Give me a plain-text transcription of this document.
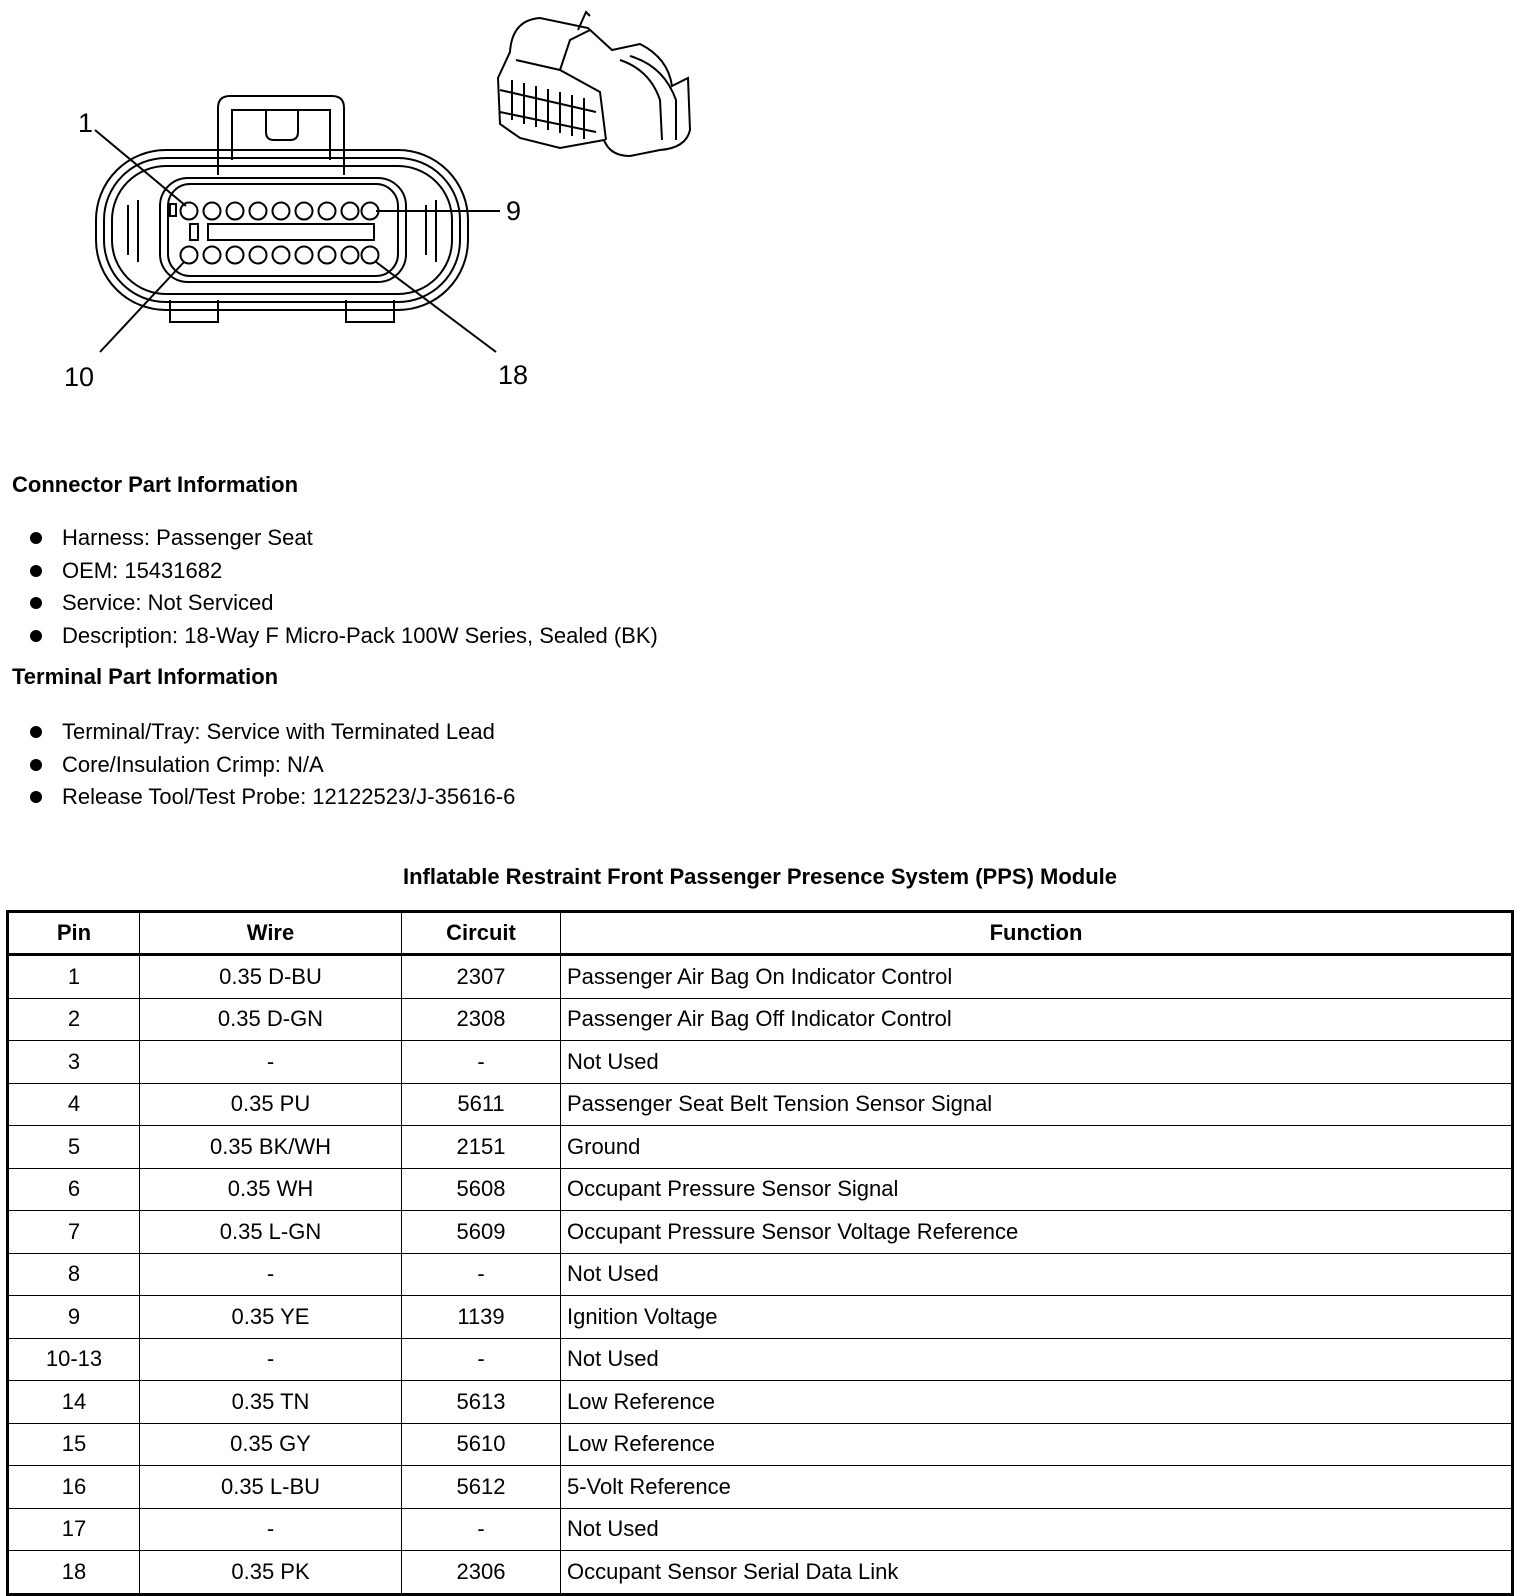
1
9
10	18
Connector Part Information
Harness: Passenger Seat
OEM: 15431682
Service: Not Serviced
Description: 18-Way F Micro-Pack 100W Series, Sealed (BK)
Terminal Part Information
Terminal/Tray: Service with Terminated Lead
Core/Insulation Crimp: N/A
Release Tool/Test Probe: 12122523/J-35616-6
Inflatable Restraint Front Passenger Presence System (PPS) Module
Pin	Wire	Circuit	Function
1	0.35 D-BU	2307	Passenger Air Bag On Indicator Control
2	0.35 D-GN	2308	Passenger Air Bag Off Indicator Control
3	-	-	Not Used
4	0.35 PU	5611	Passenger Seat Belt Tension Sensor Signal
5	0.35 BK/WH	2151	Ground
6	0.35 WH	5608	Occupant Pressure Sensor Signal
7	0.35 L-GN	5609	Occupant Pressure Sensor Voltage Reference
8	-	-	Not Used
9	0.35 YE	1139	Ignition Voltage
10-13	-	-	Not Used
14	0.35 TN	5613	Low Reference
15	0.35 GY	5610	Low Reference
16	0.35 L-BU	5612	5-Volt Reference
17	-	-	Not Used
18	0.35 PK	2306	Occupant Sensor Serial Data Link
